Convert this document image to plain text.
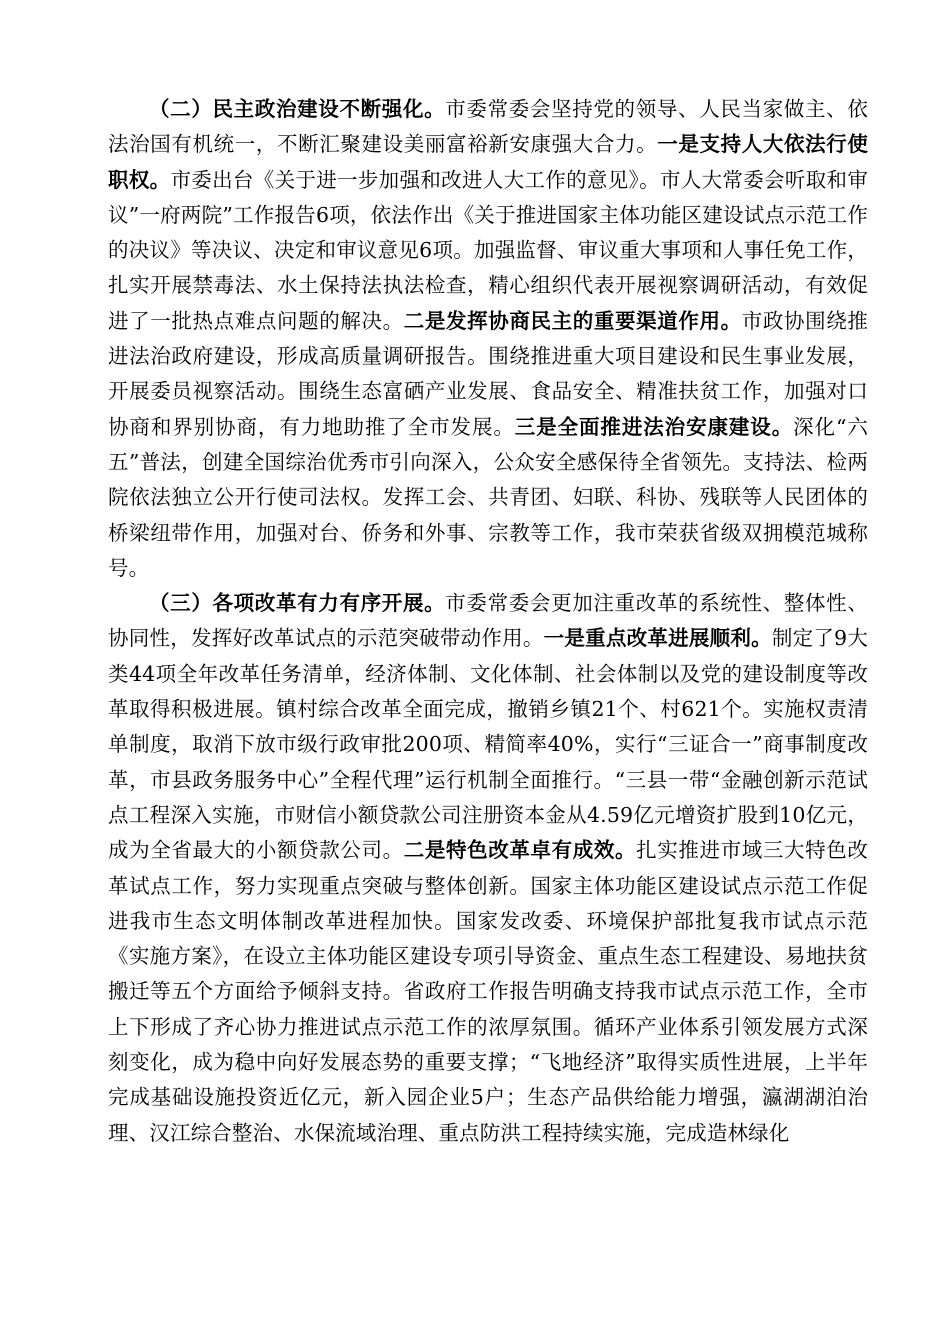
（二）民主政治建设不断强化。市委常委会坚持党的领导、人民当家做主、依法治国有机统一，不断汇聚建设美丽富裕新安康强大合力。一是支持人大依法行使职权。市委出台《关于进一步加强和改进人大工作的意见》。市人大常委会听取和审议”一府两院”工作报告6项，依法作出《关于推进国家主体功能区建设试点示范工作的决议》等决议、决定和审议意见6项。加强监督、审议重大事项和人事任免工作，扎实开展禁毒法、水土保持法执法检查，精心组织代表开展视察调研活动，有效促进了一批热点难点问题的解决。二是发挥协商民主的重要渠道作用。市政协围绕推进法治政府建设，形成高质量调研报告。围绕推进重大项目建设和民生事业发展，开展委员视察活动。围绕生态富硒产业发展、食品安全、精准扶贫工作，加强对口协商和界别协商，有力地助推了全市发展。三是全面推进法治安康建设。深化“六五”普法，创建全国综治优秀市引向深入，公众安全感保待全省领先。支持法、检两院依法独立公开行使司法权。发挥工会、共青团、妇联、科协、残联等人民团体的桥梁纽带作用，加强对台、侨务和外事、宗教等工作，我市荣获省级双拥模范城称号。

（三）各项改革有力有序开展。市委常委会更加注重改革的系统性、整体性、协同性，发挥好改革试点的示范突破带动作用。一是重点改革进展顺利。制定了9大类44项全年改革任务清单，经济体制、文化体制、社会体制以及党的建设制度等改革取得积极进展。镇村综合改革全面完成，撤销乡镇21个、村621个。实施权责清单制度，取消下放市级行政审批200项、精简率40%，实行“三证合一”商事制度改革，市县政务服务中心”全程代理”运行机制全面推行。“三县一带“金融创新示范试点工程深入实施，市财信小额贷款公司注册资本金从4.59亿元增资扩股到10亿元，成为全省最大的小额贷款公司。二是特色改革卓有成效。扎实推进市域三大特色改革试点工作，努力实现重点突破与整体创新。国家主体功能区建设试点示范工作促进我市生态文明体制改革进程加快。国家发改委、环境保护部批复我市试点示范《实施方案》，在设立主体功能区建设专项引导资金、重点生态工程建设、易地扶贫搬迁等五个方面给予倾斜支持。省政府工作报告明确支持我市试点示范工作，全市上下形成了齐心协力推进试点示范工作的浓厚氛围。循环产业体系引领发展方式深刻变化，成为稳中向好发展态势的重要支撑；“飞地经济”取得实质性进展，上半年完成基础设施投资近亿元，新入园企业5户；生态产品供给能力增强，瀛湖湖泊治理、汉江综合整治、水保流域治理、重点防洪工程持续实施，完成造林绿化
